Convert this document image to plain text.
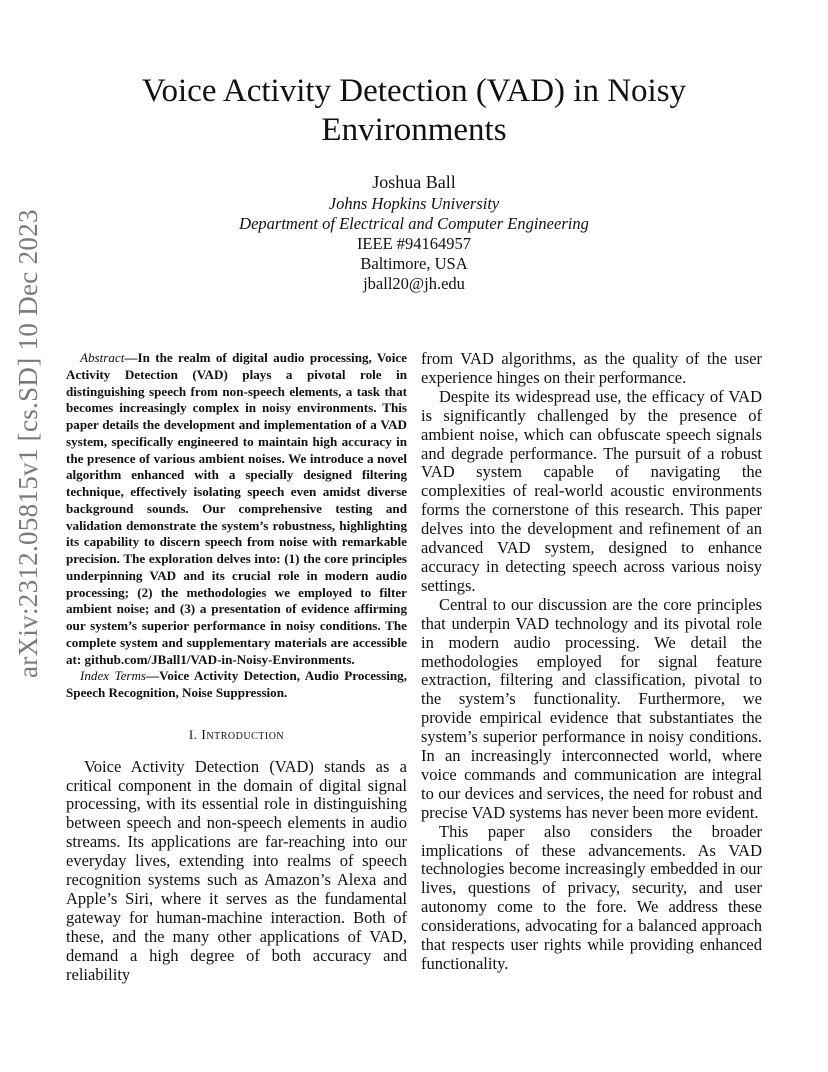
arXiv:2312.05815v1 [cs.SD] 10 Dec 2023
Voice Activity Detection (VAD) in Noisy Environments
Joshua Ball
Johns Hopkins University
Department of Electrical and Computer Engineering
IEEE #94164957
Baltimore, USA
jball20@jh.edu

Abstract—In the realm of digital audio processing, Voice Activity Detection (VAD) plays a pivotal role in distinguishing speech from non-speech elements, a task that becomes increasingly complex in noisy environments. This paper details the development and implementation of a VAD system, specifically engineered to maintain high accuracy in the presence of various ambient noises. We introduce a novel algorithm enhanced with a specially designed filtering technique, effectively isolating speech even amidst diverse background sounds. Our comprehensive testing and validation demonstrate the system’s robustness, highlighting its capability to discern speech from noise with remarkable precision. The exploration delves into: (1) the core principles underpinning VAD and its crucial role in modern audio processing; (2) the methodologies we employed to filter ambient noise; and (3) a presentation of evidence affirming our system’s superior performance in noisy conditions. The complete system and supplementary materials are accessible at: github.com/JBall1/VAD-in-Noisy-Environments.

Index Terms—Voice Activity Detection, Audio Processing, Speech Recognition, Noise Suppression.

I. Introduction

Voice Activity Detection (VAD) stands as a critical component in the domain of digital signal processing, with its essential role in distinguishing between speech and non-speech elements in audio streams. Its applications are far-reaching into our everyday lives, extending into realms of speech recognition systems such as Amazon’s Alexa and Apple’s Siri, where it serves as the fundamental gateway for human-machine interaction. Both of these, and the many other applications of VAD, demand a high degree of both accuracy and reliability

from VAD algorithms, as the quality of the user experience hinges on their performance.

Despite its widespread use, the efficacy of VAD is significantly challenged by the presence of ambient noise, which can obfuscate speech signals and degrade performance. The pursuit of a robust VAD system capable of navigating the complexities of real-world acoustic environments forms the cornerstone of this research. This paper delves into the development and refinement of an advanced VAD system, designed to enhance accuracy in detecting speech across various noisy settings.

Central to our discussion are the core principles that underpin VAD technology and its pivotal role in modern audio processing. We detail the methodologies employed for signal feature extraction, filtering and classification, pivotal to the system’s functionality. Furthermore, we provide empirical evidence that substantiates the system’s superior performance in noisy conditions. In an increasingly interconnected world, where voice commands and communication are integral to our devices and services, the need for robust and precise VAD systems has never been more evident.

This paper also considers the broader implications of these advancements. As VAD technologies become increasingly embedded in our lives, questions of privacy, security, and user autonomy come to the fore. We address these considerations, advocating for a balanced approach that respects user rights while providing enhanced functionality.
